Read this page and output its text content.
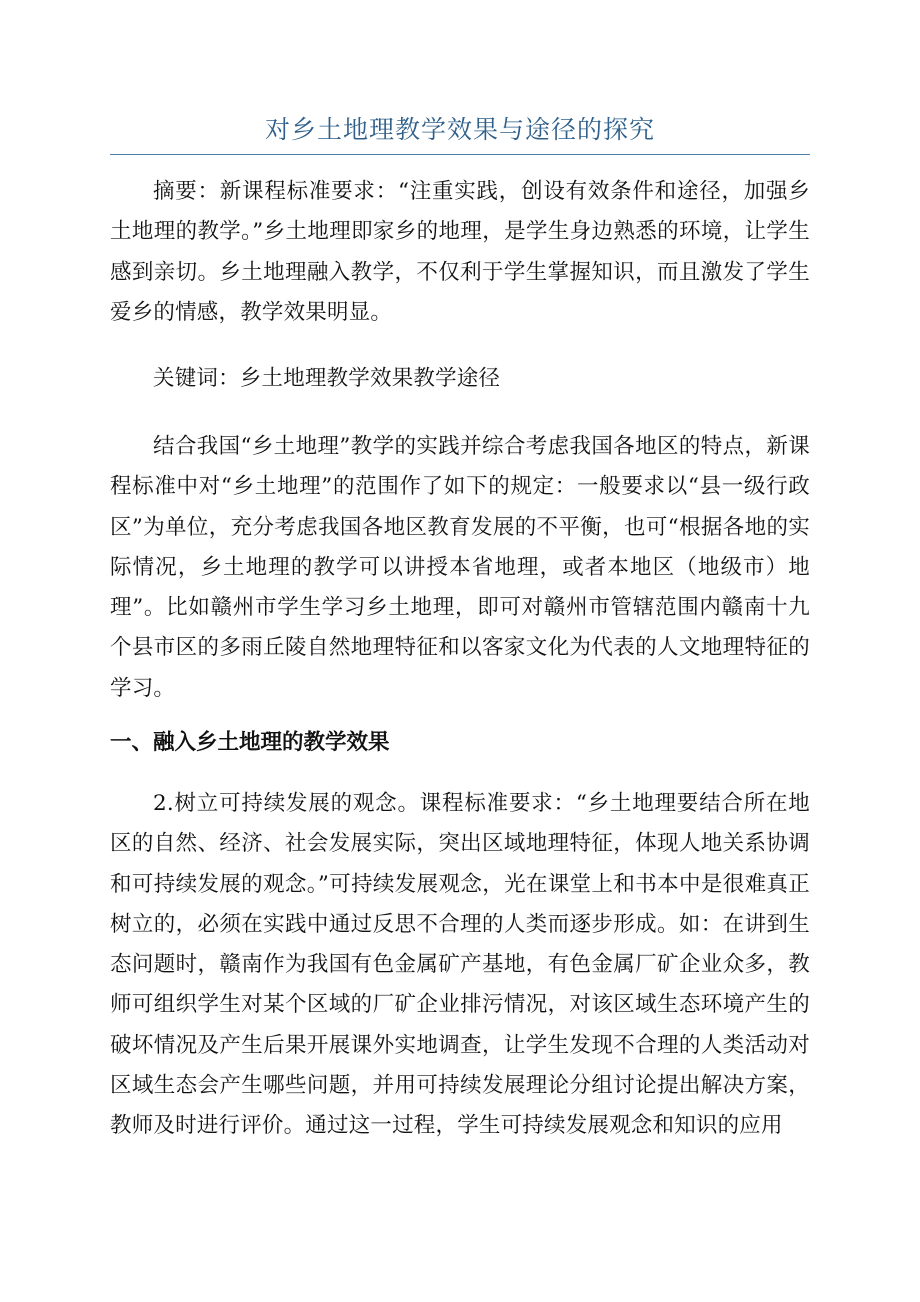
对乡土地理教学效果与途径的探究

摘要：新课程标准要求：“注重实践，创设有效条件和途径，加强乡土地理的教学。”乡土地理即家乡的地理，是学生身边熟悉的环境，让学生感到亲切。乡土地理融入教学，不仅利于学生掌握知识，而且激发了学生爱乡的情感，教学效果明显。

关键词：乡土地理教学效果教学途径

结合我国“乡土地理”教学的实践并综合考虑我国各地区的特点，新课程标准中对“乡土地理”的范围作了如下的规定：一般要求以“县一级行政区”为单位，充分考虑我国各地区教育发展的不平衡，也可“根据各地的实际情况，乡土地理的教学可以讲授本省地理，或者本地区（地级市）地理”。比如赣州市学生学习乡土地理，即可对赣州市管辖范围内赣南十九个县市区的多雨丘陵自然地理特征和以客家文化为代表的人文地理特征的学习。

一、融入乡土地理的教学效果

2.树立可持续发展的观念。课程标准要求：“乡土地理要结合所在地区的自然、经济、社会发展实际，突出区域地理特征，体现人地关系协调和可持续发展的观念。”可持续发展观念，光在课堂上和书本中是很难真正树立的，必须在实践中通过反思不合理的人类而逐步形成。如：在讲到生态问题时，赣南作为我国有色金属矿产基地，有色金属厂矿企业众多，教师可组织学生对某个区域的厂矿企业排污情况，对该区域生态环境产生的破坏情况及产生后果开展课外实地调查，让学生发现不合理的人类活动对区域生态会产生哪些问题，并用可持续发展理论分组讨论提出解决方案，教师及时进行评价。通过这一过程，学生可持续发展观念和知识的应用
